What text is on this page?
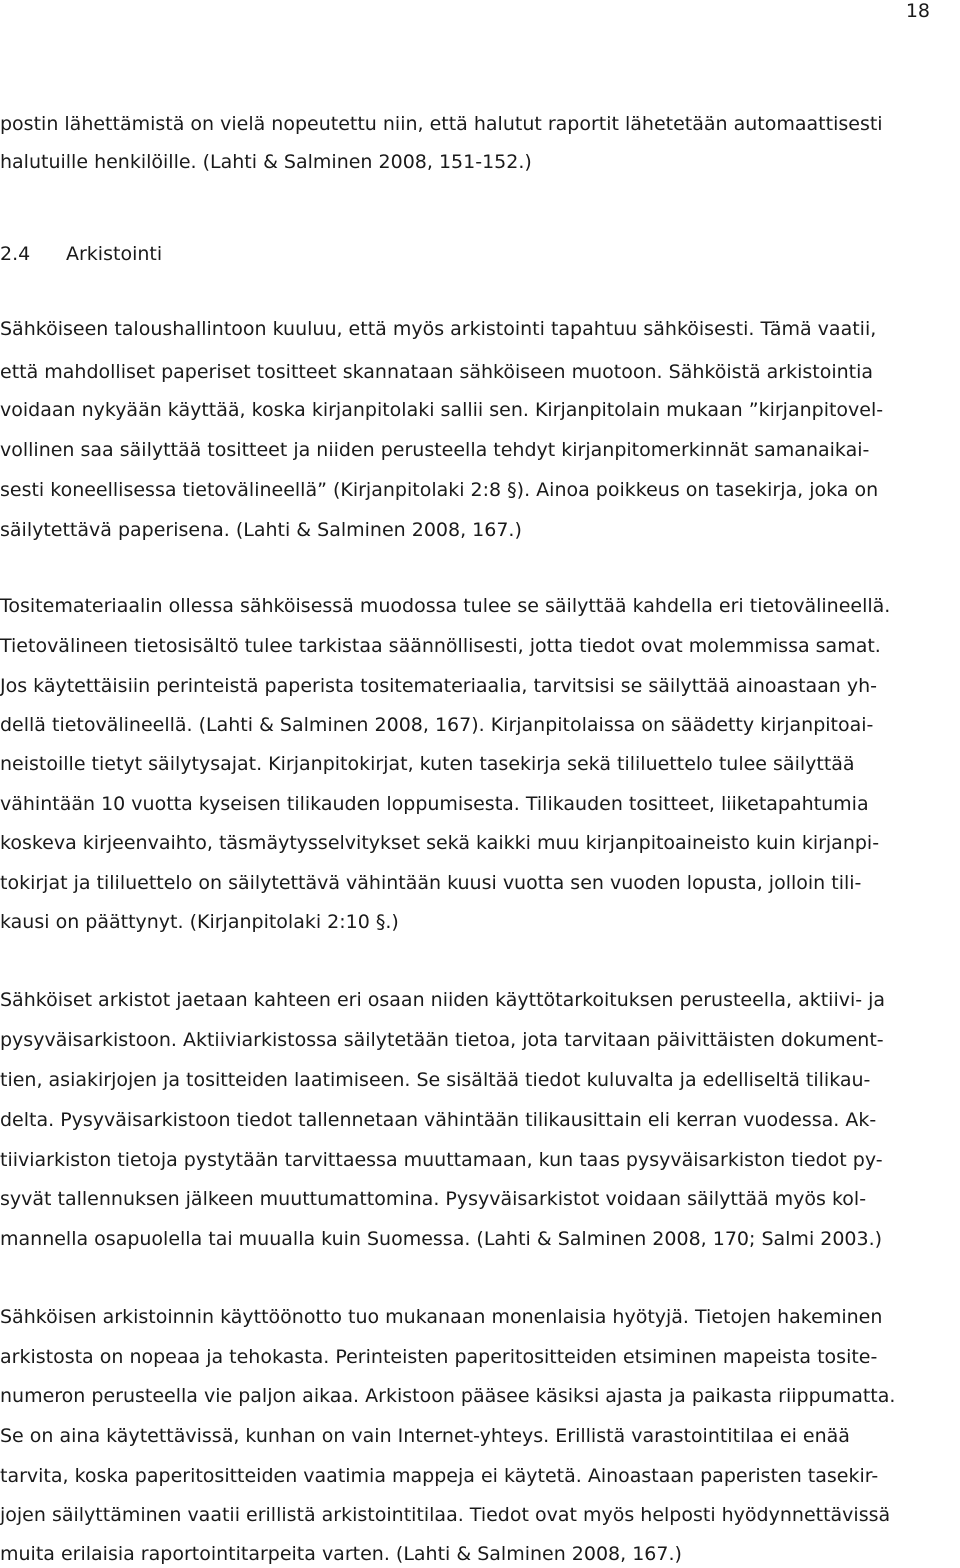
18
postin lähettämistä on vielä nopeutettu niin, että halutut raportit lähetetään automaattisesti
halutuille henkilöille. (Lahti & Salminen 2008, 151-152.)
2.4 Arkistointi
Sähköiseen taloushallintoon kuuluu, että myös arkistointi tapahtuu sähköisesti. Tämä vaatii,
että mahdolliset paperiset tositteet skannataan sähköiseen muotoon. Sähköistä arkistointia
voidaan nykyään käyttää, koska kirjanpitolaki sallii sen. Kirjanpitolain mukaan ”kirjanpitovel-
vollinen saa säilyttää tositteet ja niiden perusteella tehdyt kirjanpitomerkinnät samanaikai-
sesti koneellisessa tietovälineellä” (Kirjanpitolaki 2:8 §). Ainoa poikkeus on tasekirja, joka on
säilytettävä paperisena. (Lahti & Salminen 2008, 167.)
Tositemateriaalin ollessa sähköisessä muodossa tulee se säilyttää kahdella eri tietovälineellä.
Tietovälineen tietosisältö tulee tarkistaa säännöllisesti, jotta tiedot ovat molemmissa samat.
Jos käytettäisiin perinteistä paperista tositemateriaalia, tarvitsisi se säilyttää ainoastaan yh-
dellä tietovälineellä. (Lahti & Salminen 2008, 167). Kirjanpitolaissa on säädetty kirjanpitoai-
neistoille tietyt säilytysajat. Kirjanpitokirjat, kuten tasekirja sekä tililuettelo tulee säilyttää
vähintään 10 vuotta kyseisen tilikauden loppumisesta. Tilikauden tositteet, liiketapahtumia
koskeva kirjeenvaihto, täsmäytysselvitykset sekä kaikki muu kirjanpitoaineisto kuin kirjanpi-
tokirjat ja tililuettelo on säilytettävä vähintään kuusi vuotta sen vuoden lopusta, jolloin tili-
kausi on päättynyt. (Kirjanpitolaki 2:10 §.)
Sähköiset arkistot jaetaan kahteen eri osaan niiden käyttötarkoituksen perusteella, aktiivi- ja
pysyväisarkistoon. Aktiiviarkistossa säilytetään tietoa, jota tarvitaan päivittäisten dokument-
tien, asiakirjojen ja tositteiden laatimiseen. Se sisältää tiedot kuluvalta ja edelliseltä tilikau-
delta. Pysyväisarkistoon tiedot tallennetaan vähintään tilikausittain eli kerran vuodessa. Ak-
tiiviarkiston tietoja pystytään tarvittaessa muuttamaan, kun taas pysyväisarkiston tiedot py-
syvät tallennuksen jälkeen muuttumattomina. Pysyväisarkistot voidaan säilyttää myös kol-
mannella osapuolella tai muualla kuin Suomessa. (Lahti & Salminen 2008, 170; Salmi 2003.)
Sähköisen arkistoinnin käyttöönotto tuo mukanaan monenlaisia hyötyjä. Tietojen hakeminen
arkistosta on nopeaa ja tehokasta. Perinteisten paperitositteiden etsiminen mapeista tosite-
numeron perusteella vie paljon aikaa. Arkistoon pääsee käsiksi ajasta ja paikasta riippumatta.
Se on aina käytettävissä, kunhan on vain Internet-yhteys. Erillistä varastointitilaa ei enää
tarvita, koska paperitositteiden vaatimia mappeja ei käytetä. Ainoastaan paperisten tasekir-
jojen säilyttäminen vaatii erillistä arkistointitilaa. Tiedot ovat myös helposti hyödynnettävissä
muita erilaisia raportointitarpeita varten. (Lahti & Salminen 2008, 167.)
